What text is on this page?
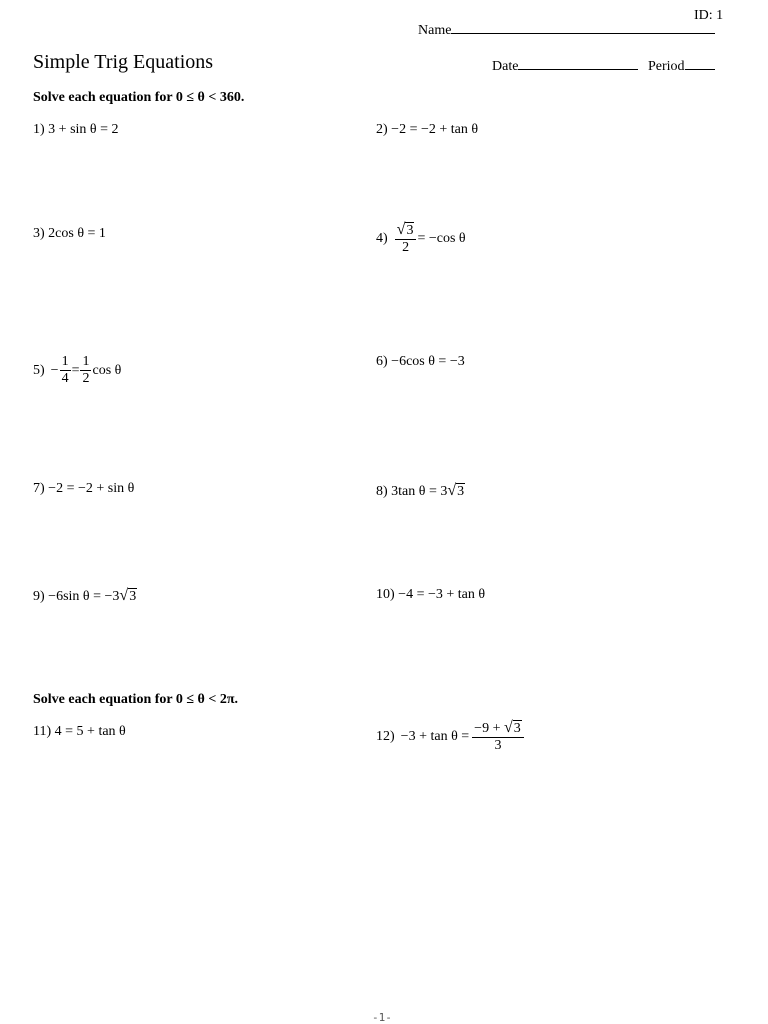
ID: 1
Name
Simple Trig Equations	Date	Period
Solve each equation for 0 ≤ θ < 360.
1) 3 + sin θ = 2	2) −2 = −2 + tan θ
3) 2cos θ = 1	$4) \frac{√3}{2} = -\cos$ θ
$5) - \frac{1}{4} = \frac{1}{2}$ cos θ
6) −6cos θ = −3
7) −2 = −2 + sin θ	8) 3tan θ = 3√3
9) −6sin θ = −3√3	10) −4 = −3 + tan θ
Solve each equation for 0 ≤ θ < 2π.
11) 4 = 5 + tan θ	$12) -3 + \tan \theta = \frac{-9 + √3}{3}$
-1-
